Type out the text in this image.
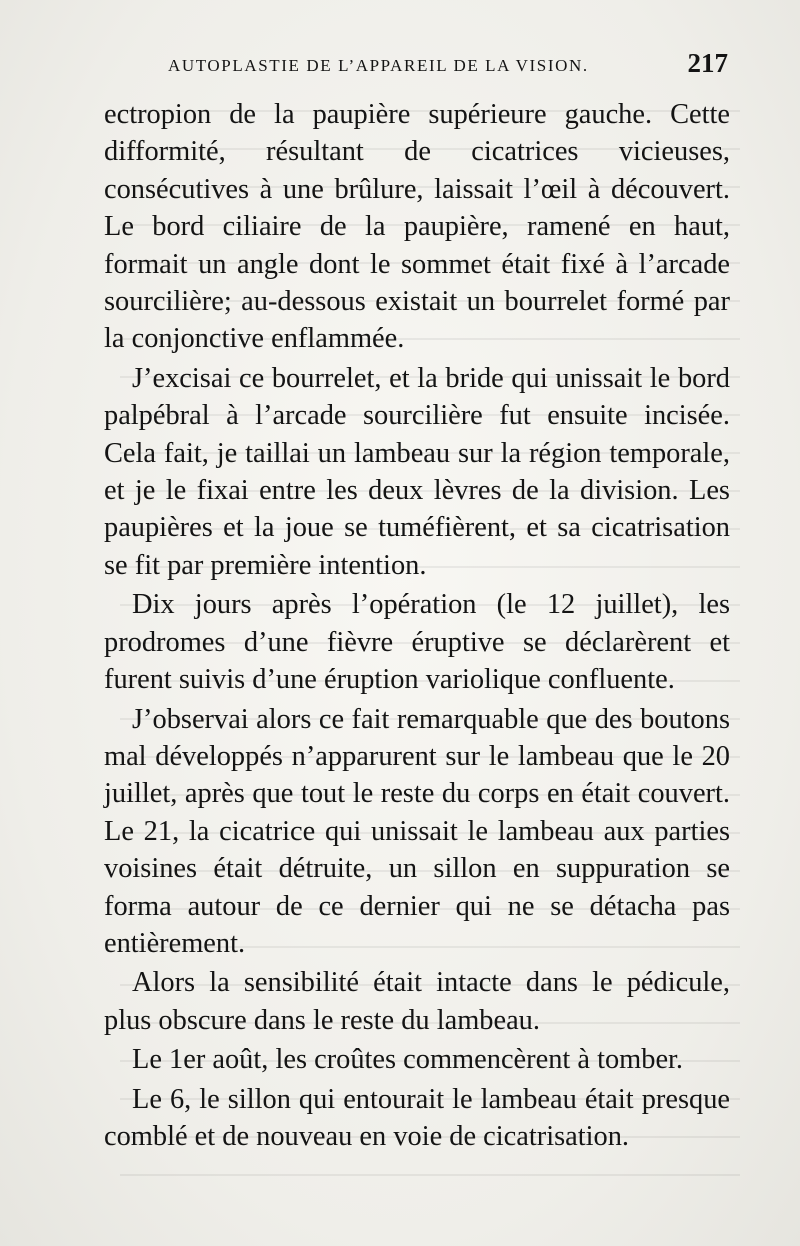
AUTOPLASTIE DE L’APPAREIL DE LA VISION.	217

ectropion de la paupière supérieure gauche. Cette difformité, résultant de cicatrices vicieuses, consécutives à une brûlure, laissait l’œil à découvert. Le bord ciliaire de la paupière, ramené en haut, formait un angle dont le sommet était fixé à l’arcade sourcilière; au-dessous existait un bourrelet formé par la conjonctive enflammée.

J’excisai ce bourrelet, et la bride qui unissait le bord palpébral à l’arcade sourcilière fut ensuite incisée. Cela fait, je taillai un lambeau sur la région temporale, et je le fixai entre les deux lèvres de la division. Les paupières et la joue se tuméfièrent, et sa cicatrisation se fit par première intention.

Dix jours après l’opération (le 12 juillet), les prodromes d’une fièvre éruptive se déclarèrent et furent suivis d’une éruption variolique confluente.

J’observai alors ce fait remarquable que des boutons mal développés n’apparurent sur le lambeau que le 20 juillet, après que tout le reste du corps en était couvert. Le 21, la cicatrice qui unissait le lambeau aux parties voisines était détruite, un sillon en suppuration se forma autour de ce dernier qui ne se détacha pas entièrement.

Alors la sensibilité était intacte dans le pédicule, plus obscure dans le reste du lambeau.

Le 1er août, les croûtes commencèrent à tomber.

Le 6, le sillon qui entourait le lambeau était presque comblé et de nouveau en voie de cicatrisation.
